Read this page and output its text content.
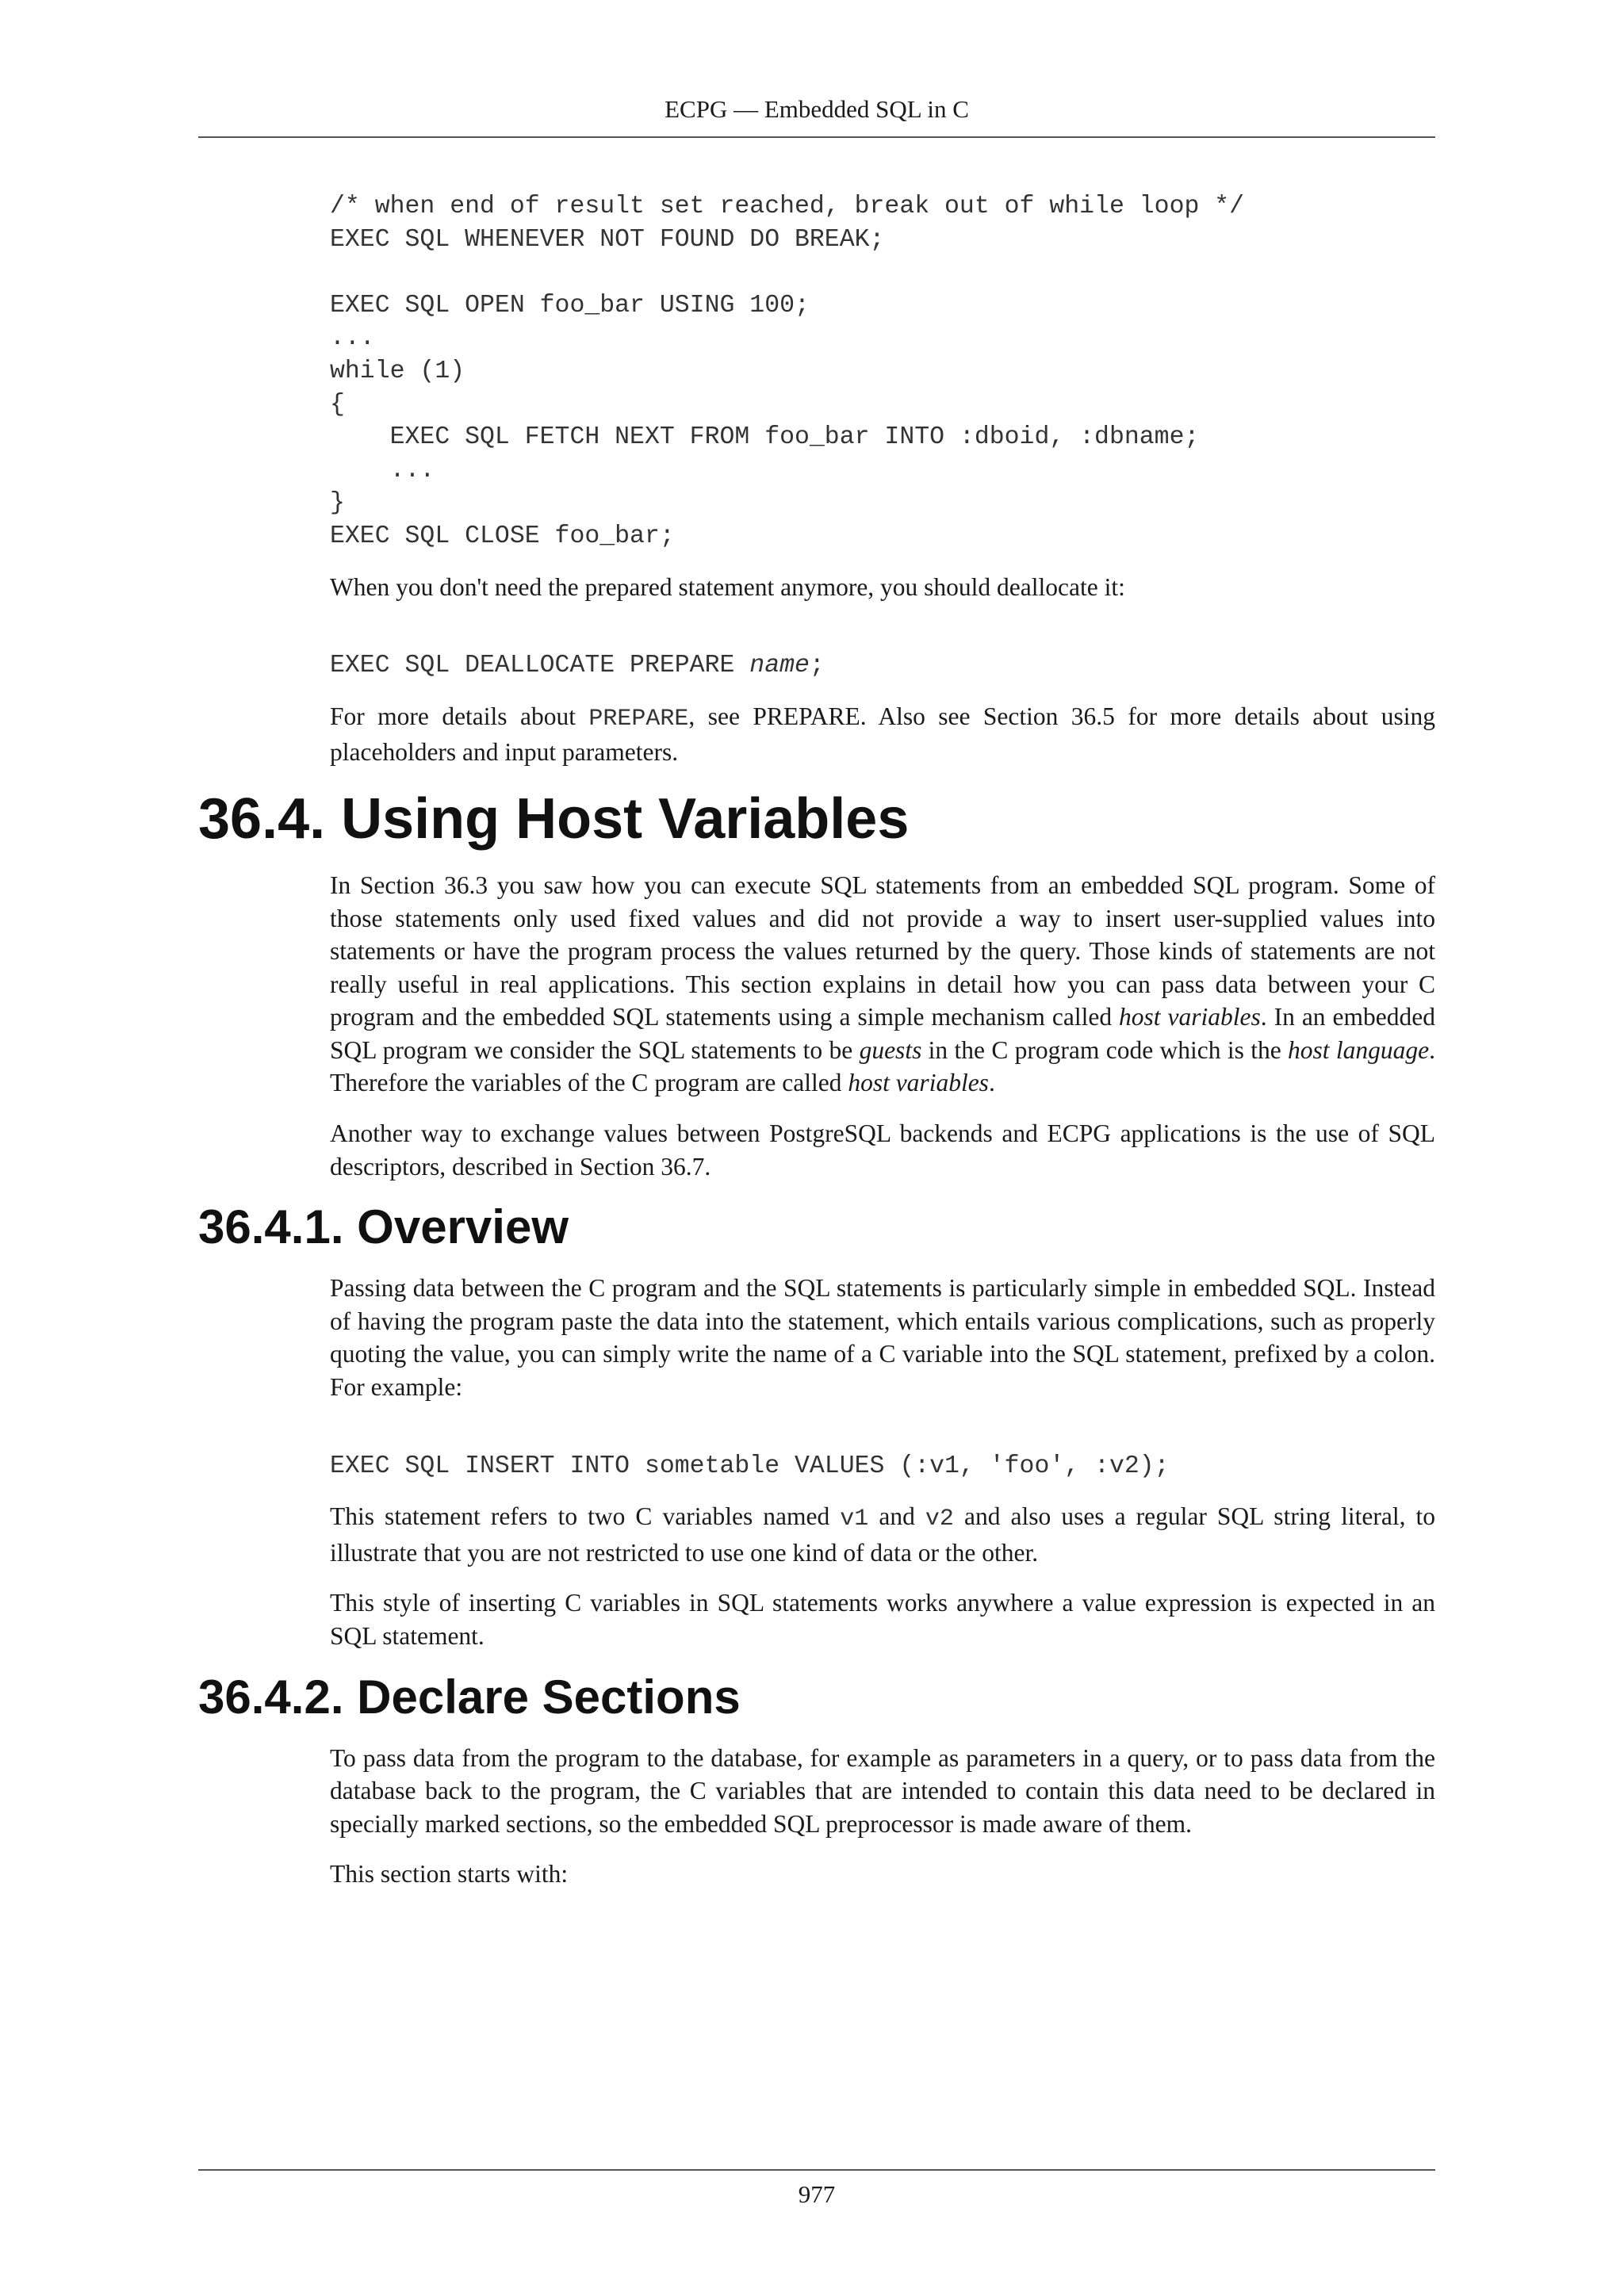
ECPG — Embedded SQL in C
/* when end of result set reached, break out of while loop */
EXEC SQL WHENEVER NOT FOUND DO BREAK;

EXEC SQL OPEN foo_bar USING 100;
...
while (1)
{
EXEC SQL FETCH NEXT FROM foo_bar INTO :dboid, :dbname;
...
}
EXEC SQL CLOSE foo_bar;

When you don't need the prepared statement anymore, you should deallocate it:

EXEC SQL DEALLOCATE PREPARE name;

For more details about PREPARE, see PREPARE. Also see Section 36.5 for more details about using placeholders and input parameters.

36.4. Using Host Variables

In Section 36.3 you saw how you can execute SQL statements from an embedded SQL program. Some of those statements only used fixed values and did not provide a way to insert user-supplied values into statements or have the program process the values returned by the query. Those kinds of statements are not really useful in real applications. This section explains in detail how you can pass data between your C program and the embedded SQL statements using a simple mechanism called host variables. In an embedded SQL program we consider the SQL statements to be guests in the C program code which is the host language. Therefore the variables of the C program are called host variables.

Another way to exchange values between PostgreSQL backends and ECPG applications is the use of SQL descriptors, described in Section 36.7.

36.4.1. Overview

Passing data between the C program and the SQL statements is particularly simple in embedded SQL. Instead of having the program paste the data into the statement, which entails various complications, such as properly quoting the value, you can simply write the name of a C variable into the SQL statement, prefixed by a colon. For example:

EXEC SQL INSERT INTO sometable VALUES (:v1, 'foo', :v2);

This statement refers to two C variables named v1 and v2 and also uses a regular SQL string literal, to illustrate that you are not restricted to use one kind of data or the other.

This style of inserting C variables in SQL statements works anywhere a value expression is expected in an SQL statement.

36.4.2. Declare Sections

To pass data from the program to the database, for example as parameters in a query, or to pass data from the database back to the program, the C variables that are intended to contain this data need to be declared in specially marked sections, so the embedded SQL preprocessor is made aware of them.

This section starts with:

977
